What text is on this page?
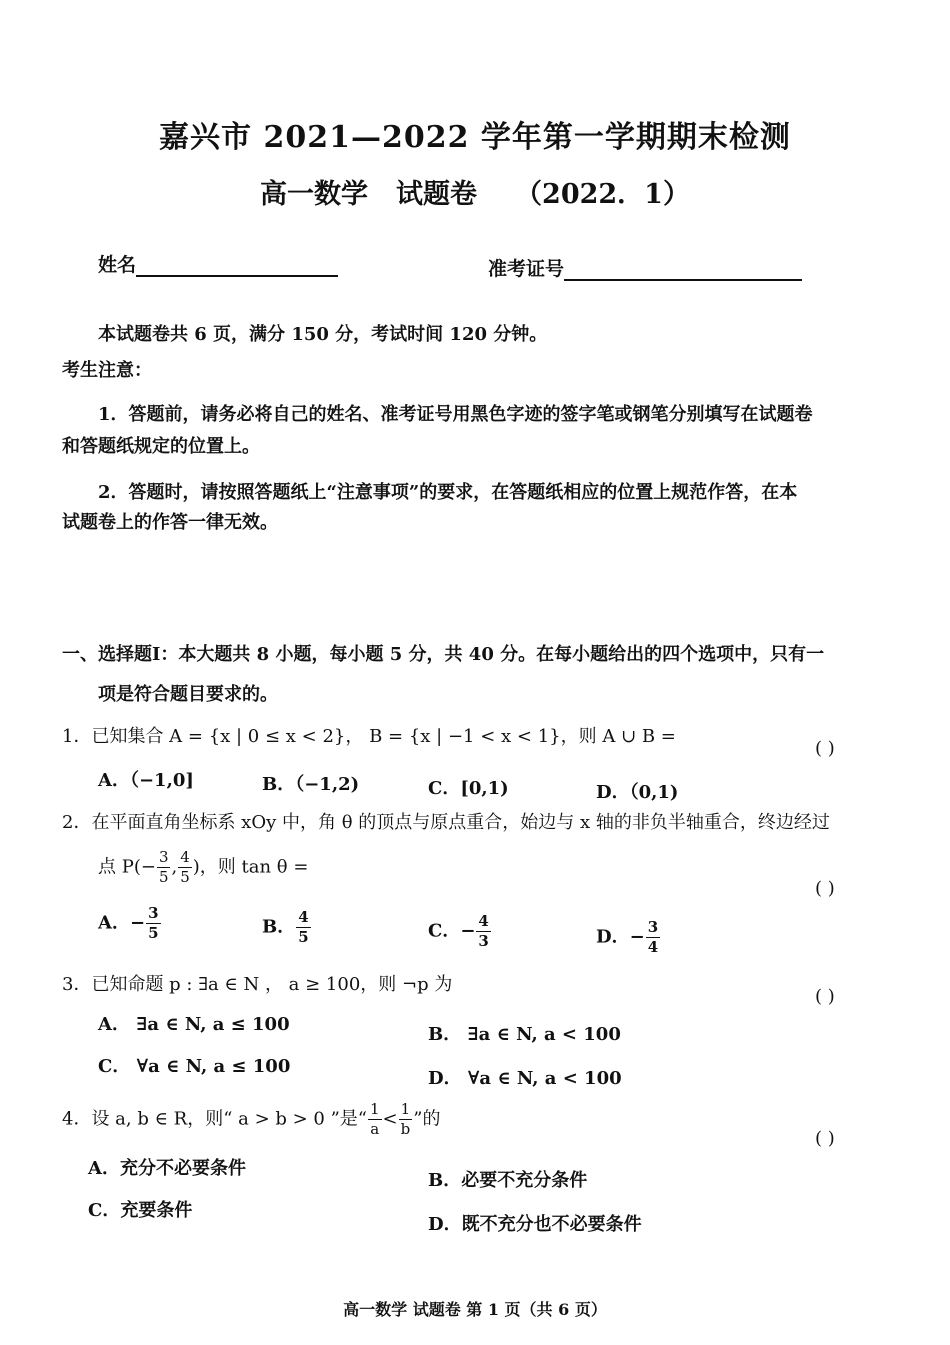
嘉兴市 2021—2022 学年第一学期期末检测
高一数学 试题卷 （2022．1）
姓名	准考证号
本试题卷共 6 页，满分 150 分，考试时间 120 分钟。
考生注意：
1．答题前，请务必将自己的姓名、准考证号用黑色字迹的签字笔或钢笔分别填写在试题卷
和答题纸规定的位置上。
2．答题时，请按照答题纸上“注意事项”的要求，在答题纸相应的位置上规范作答，在本
试题卷上的作答一律无效。
一、选择题Ⅰ：本大题共 8 小题，每小题 5 分，共 40 分。在每小题给出的四个选项中，只有一
项是符合题目要求的。
1．已知集合 A = {x | 0 ≤ x < 2}， B = {x | −1 < x < 1}，则 A ∪ B =
( )
A．（−1,0]	B．（−1,2)	C．[0,1)	D．（0,1)
2．在平面直角坐标系 xOy 中，角 θ 的顶点与原点重合，始边与 x 轴的非负半轴重合，终边经过
点 $P(- \frac{3}{5}$ , $\frac{4}{5}$ )，则 tan θ =
( )
A．− $\frac{3}{5}$	B． $\frac{4}{5}$	C．− $\frac{4}{3}$	D．− $\frac{3}{4}$
3．已知命题 p : ∃a ∈ N ， a ≥ 100，则 ¬p 为
( )
A． ∃a ∈ N, a ≤ 100	B． ∃a ∈ N, a < 100
C． ∀a ∈ N, a ≤ 100
D． ∀a ∈ N, a < 100
4．设 a, b ∈ R，则“ a > b > 0 ”是“ $\frac{1}{a} < \frac{1}{b}$ ”的
( )
A．充分不必要条件
B．必要不充分条件
C．充要条件
D．既不充分也不必要条件
高一数学 试题卷 第 1 页（共 6 页）
